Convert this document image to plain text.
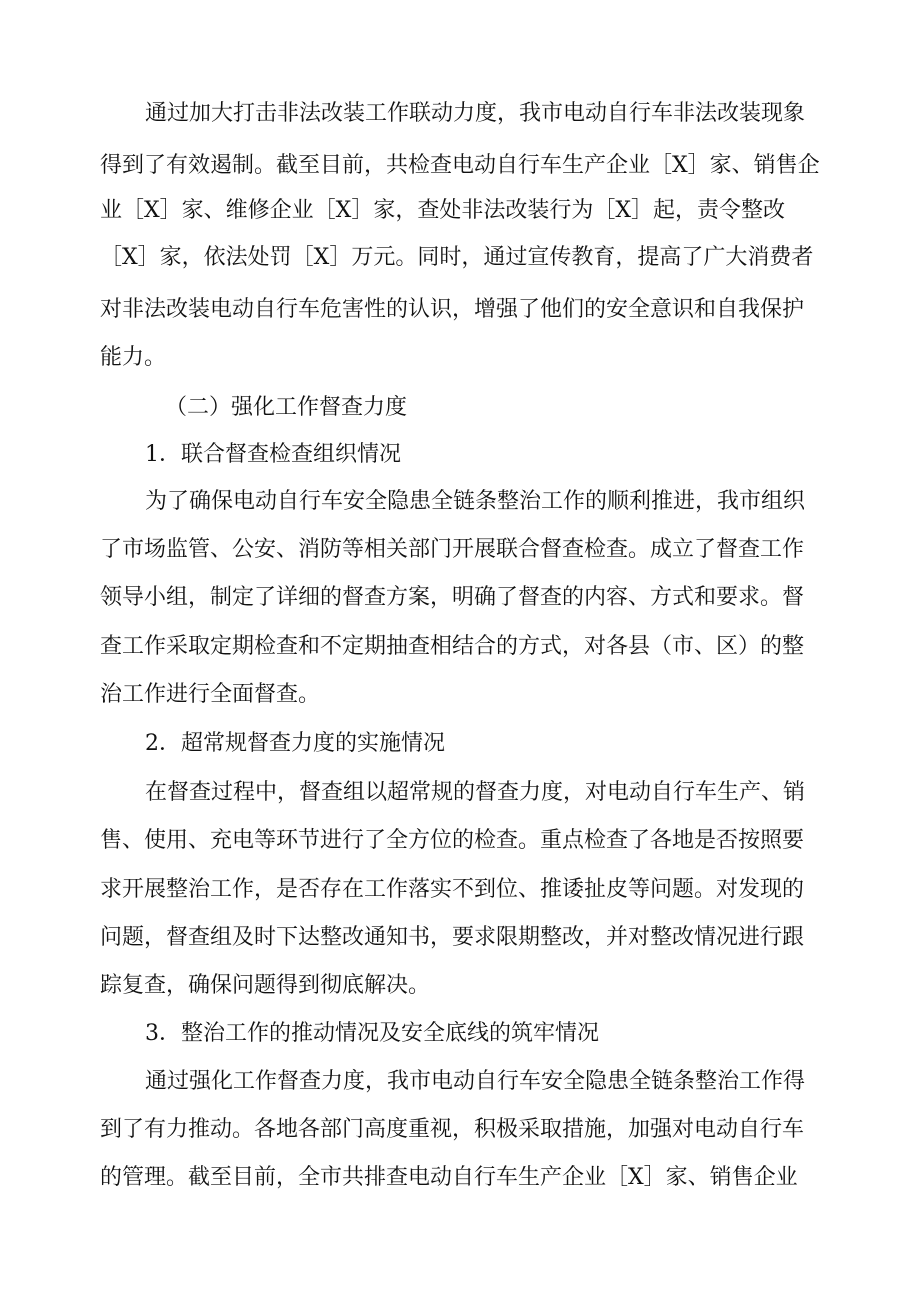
通过加大打击非法改装工作联动力度，我市电动自行车非法改装现象
得到了有效遏制。截至目前，共检查电动自行车生产企业［X］家、销售企
业［X］家、维修企业［X］家，查处非法改装行为［X］起，责令整改
［X］家，依法处罚［X］万元。同时，通过宣传教育，提高了广大消费者
对非法改装电动自行车危害性的认识，增强了他们的安全意识和自我保护
能力。
（二）强化工作督查力度
1．联合督查检查组织情况
为了确保电动自行车安全隐患全链条整治工作的顺利推进，我市组织
了市场监管、公安、消防等相关部门开展联合督查检查。成立了督查工作
领导小组，制定了详细的督查方案，明确了督查的内容、方式和要求。督
查工作采取定期检查和不定期抽查相结合的方式，对各县（市、区）的整
治工作进行全面督查。
2．超常规督查力度的实施情况
在督查过程中，督查组以超常规的督查力度，对电动自行车生产、销
售、使用、充电等环节进行了全方位的检查。重点检查了各地是否按照要
求开展整治工作，是否存在工作落实不到位、推诿扯皮等问题。对发现的
问题，督查组及时下达整改通知书，要求限期整改，并对整改情况进行跟
踪复查，确保问题得到彻底解决。
3．整治工作的推动情况及安全底线的筑牢情况
通过强化工作督查力度，我市电动自行车安全隐患全链条整治工作得
到了有力推动。各地各部门高度重视，积极采取措施，加强对电动自行车
的管理。截至目前，全市共排查电动自行车生产企业［X］家、销售企业
